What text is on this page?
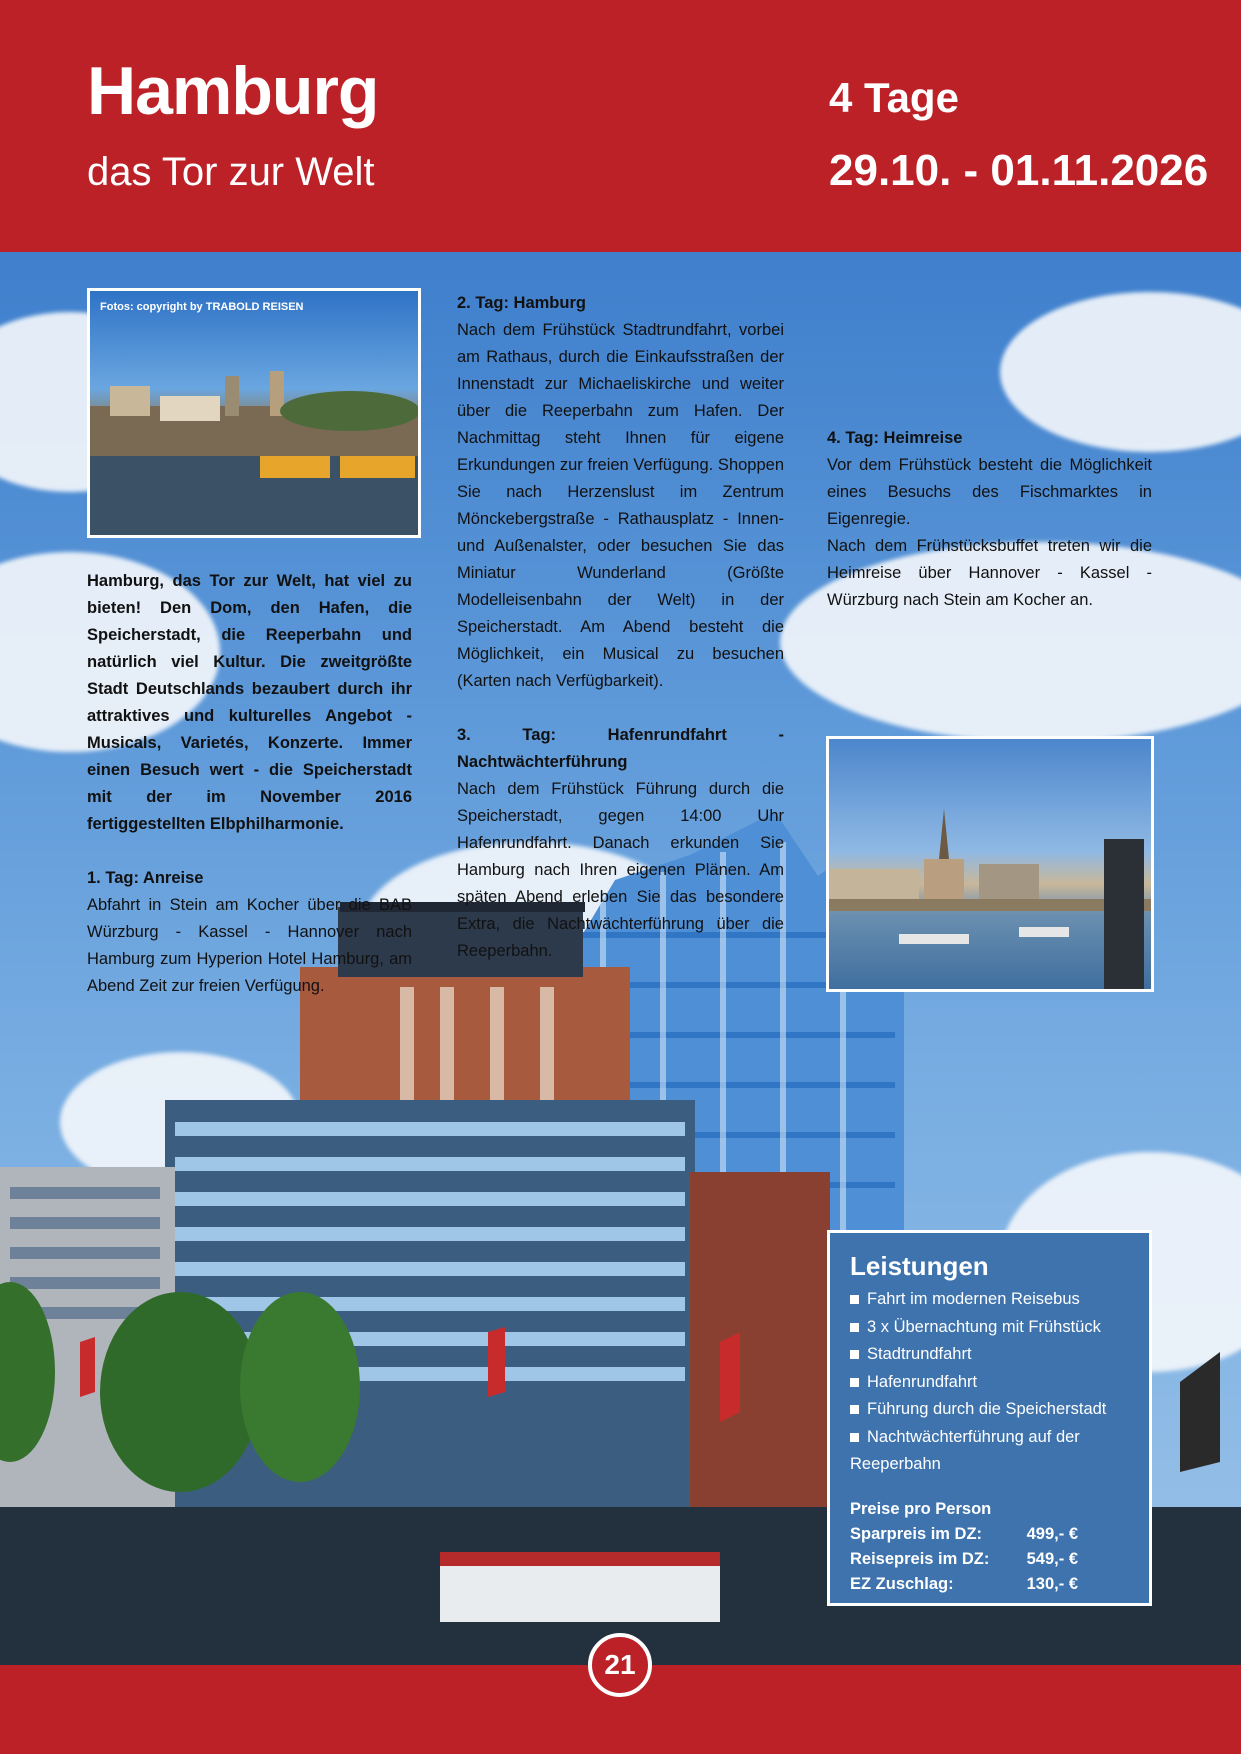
Hamburg
das Tor zur Welt
4 Tage
29.10. - 01.11.2026
Fotos: copyright by TRABOLD REISEN

Hamburg, das Tor zur Welt, hat viel zu bieten! Den Dom, den Hafen, die Speicherstadt, die Reeperbahn und natürlich viel Kultur. Die zweitgrößte Stadt Deutschlands bezaubert durch ihr attraktives und kulturelles Angebot - Musicals, Varietés, Konzerte. Immer einen Besuch wert - die Speicherstadt mit der im November 2016 fertiggestellten Elbphilharmonie.

1. Tag: Anreise

Abfahrt in Stein am Kocher über die BAB Würzburg - Kassel - Hannover nach Hamburg zum Hyperion Hotel Hamburg, am Abend Zeit zur freien Verfügung.

2. Tag: Hamburg

Nach dem Frühstück Stadtrundfahrt, vorbei am Rathaus, durch die Einkaufsstraßen der Innenstadt zur Michaeliskirche und weiter über die Reeperbahn zum Hafen. Der Nachmittag steht Ihnen für eigene Erkundungen zur freien Verfügung. Shoppen Sie nach Herzenslust im Zentrum Mönckebergstraße - Rathausplatz - Innen- und Außenalster, oder besuchen Sie das Miniatur Wunderland (Größte Modelleisenbahn der Welt) in der Speicherstadt. Am Abend besteht die Möglichkeit, ein Musical zu besuchen (Karten nach Verfügbarkeit).

3. Tag: Hafenrundfahrt - Nachtwächterführung

Nach dem Frühstück Führung durch die Speicherstadt, gegen 14:00 Uhr Hafenrundfahrt. Danach erkunden Sie Hamburg nach Ihren eigenen Plänen. Am späten Abend erleben Sie das besondere Extra, die Nachtwächterführung über die Reeperbahn.

4. Tag: Heimreise

Vor dem Frühstück besteht die Möglichkeit eines Besuchs des Fischmarktes in Eigenregie.

Nach dem Frühstücksbuffet treten wir die Heimreise über Hannover - Kassel - Würzburg nach Stein am Kocher an.

Leistungen
Fahrt im modernen Reisebus
3 x Übernachtung mit Frühstück
Stadtrundfahrt
Hafenrundfahrt
Führung durch die Speicherstadt
Nachtwächterführung auf der Reeperbahn
Preise pro Person
Sparpreis im DZ:	499,- €
Reisepreis im DZ:	549,- €
EZ Zuschlag:	130,- €
21
